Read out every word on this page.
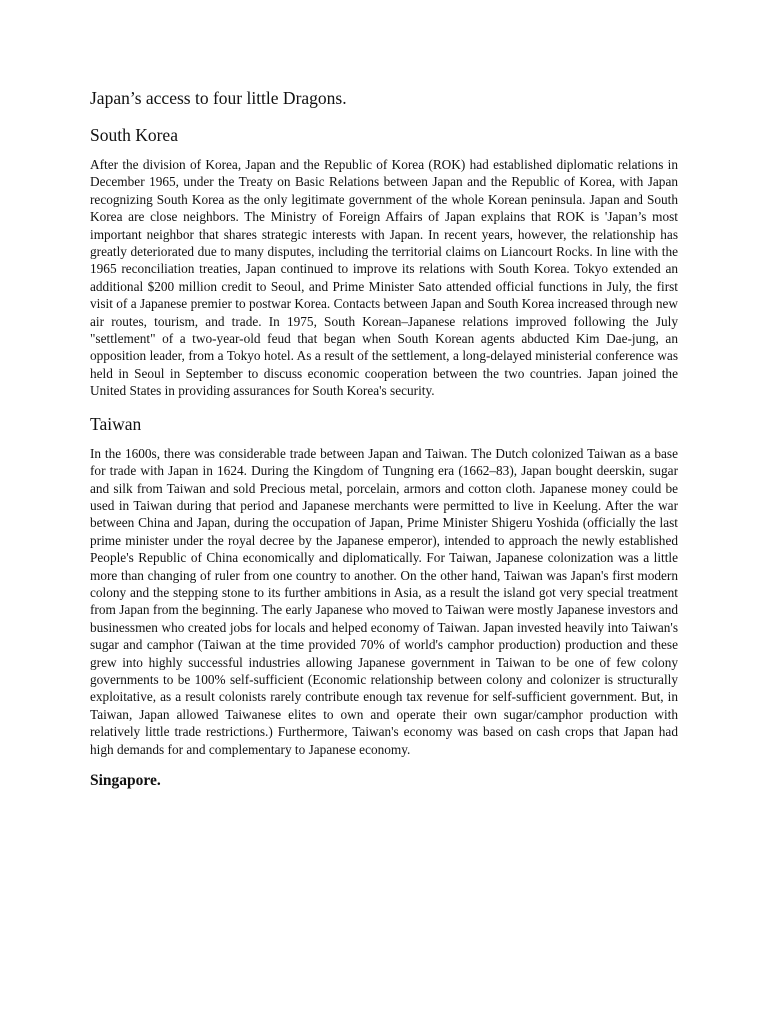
Japan’s access to four little Dragons.
South Korea

After the division of Korea, Japan and the Republic of Korea (ROK) had established diplomatic relations in December 1965, under the Treaty on Basic Relations between Japan and the Republic of Korea, with Japan recognizing South Korea as the only legitimate government of the whole Korean peninsula. Japan and South Korea are close neighbors. The Ministry of Foreign Affairs of Japan explains that ROK is 'Japan’s most important neighbor that shares strategic interests with Japan. In recent years, however, the relationship has greatly deteriorated due to many disputes, including the territorial claims on Liancourt Rocks. In line with the 1965 reconciliation treaties, Japan continued to improve its relations with South Korea. Tokyo extended an additional $200 million credit to Seoul, and Prime Minister Sato attended official functions in July, the first visit of a Japanese premier to postwar Korea. Contacts between Japan and South Korea increased through new air routes, tourism, and trade. In 1975, South Korean–Japanese relations improved following the July "settlement" of a two-year-old feud that began when South Korean agents abducted Kim Dae-jung, an opposition leader, from a Tokyo hotel. As a result of the settlement, a long-delayed ministerial conference was held in Seoul in September to discuss economic cooperation between the two countries. Japan joined the United States in providing assurances for South Korea's security.

Taiwan

In the 1600s, there was considerable trade between Japan and Taiwan. The Dutch colonized Taiwan as a base for trade with Japan in 1624. During the Kingdom of Tungning era (1662–83), Japan bought deerskin, sugar and silk from Taiwan and sold Precious metal, porcelain, armors and cotton cloth. Japanese money could be used in Taiwan during that period and Japanese merchants were permitted to live in Keelung. After the war between China and Japan, during the occupation of Japan, Prime Minister Shigeru Yoshida (officially the last prime minister under the royal decree by the Japanese emperor), intended to approach the newly established People's Republic of China economically and diplomatically. For Taiwan, Japanese colonization was a little more than changing of ruler from one country to another. On the other hand, Taiwan was Japan's first modern colony and the stepping stone to its further ambitions in Asia, as a result the island got very special treatment from Japan from the beginning. The early Japanese who moved to Taiwan were mostly Japanese investors and businessmen who created jobs for locals and helped economy of Taiwan. Japan invested heavily into Taiwan's sugar and camphor (Taiwan at the time provided 70% of world's camphor production) production and these grew into highly successful industries allowing Japanese government in Taiwan to be one of few colony governments to be 100% self-sufficient (Economic relationship between colony and colonizer is structurally exploitative, as a result colonists rarely contribute enough tax revenue for self-sufficient government. But, in Taiwan, Japan allowed Taiwanese elites to own and operate their own sugar/camphor production with relatively little trade restrictions.) Furthermore, Taiwan's economy was based on cash crops that Japan had high demands for and complementary to Japanese economy.

Singapore.
